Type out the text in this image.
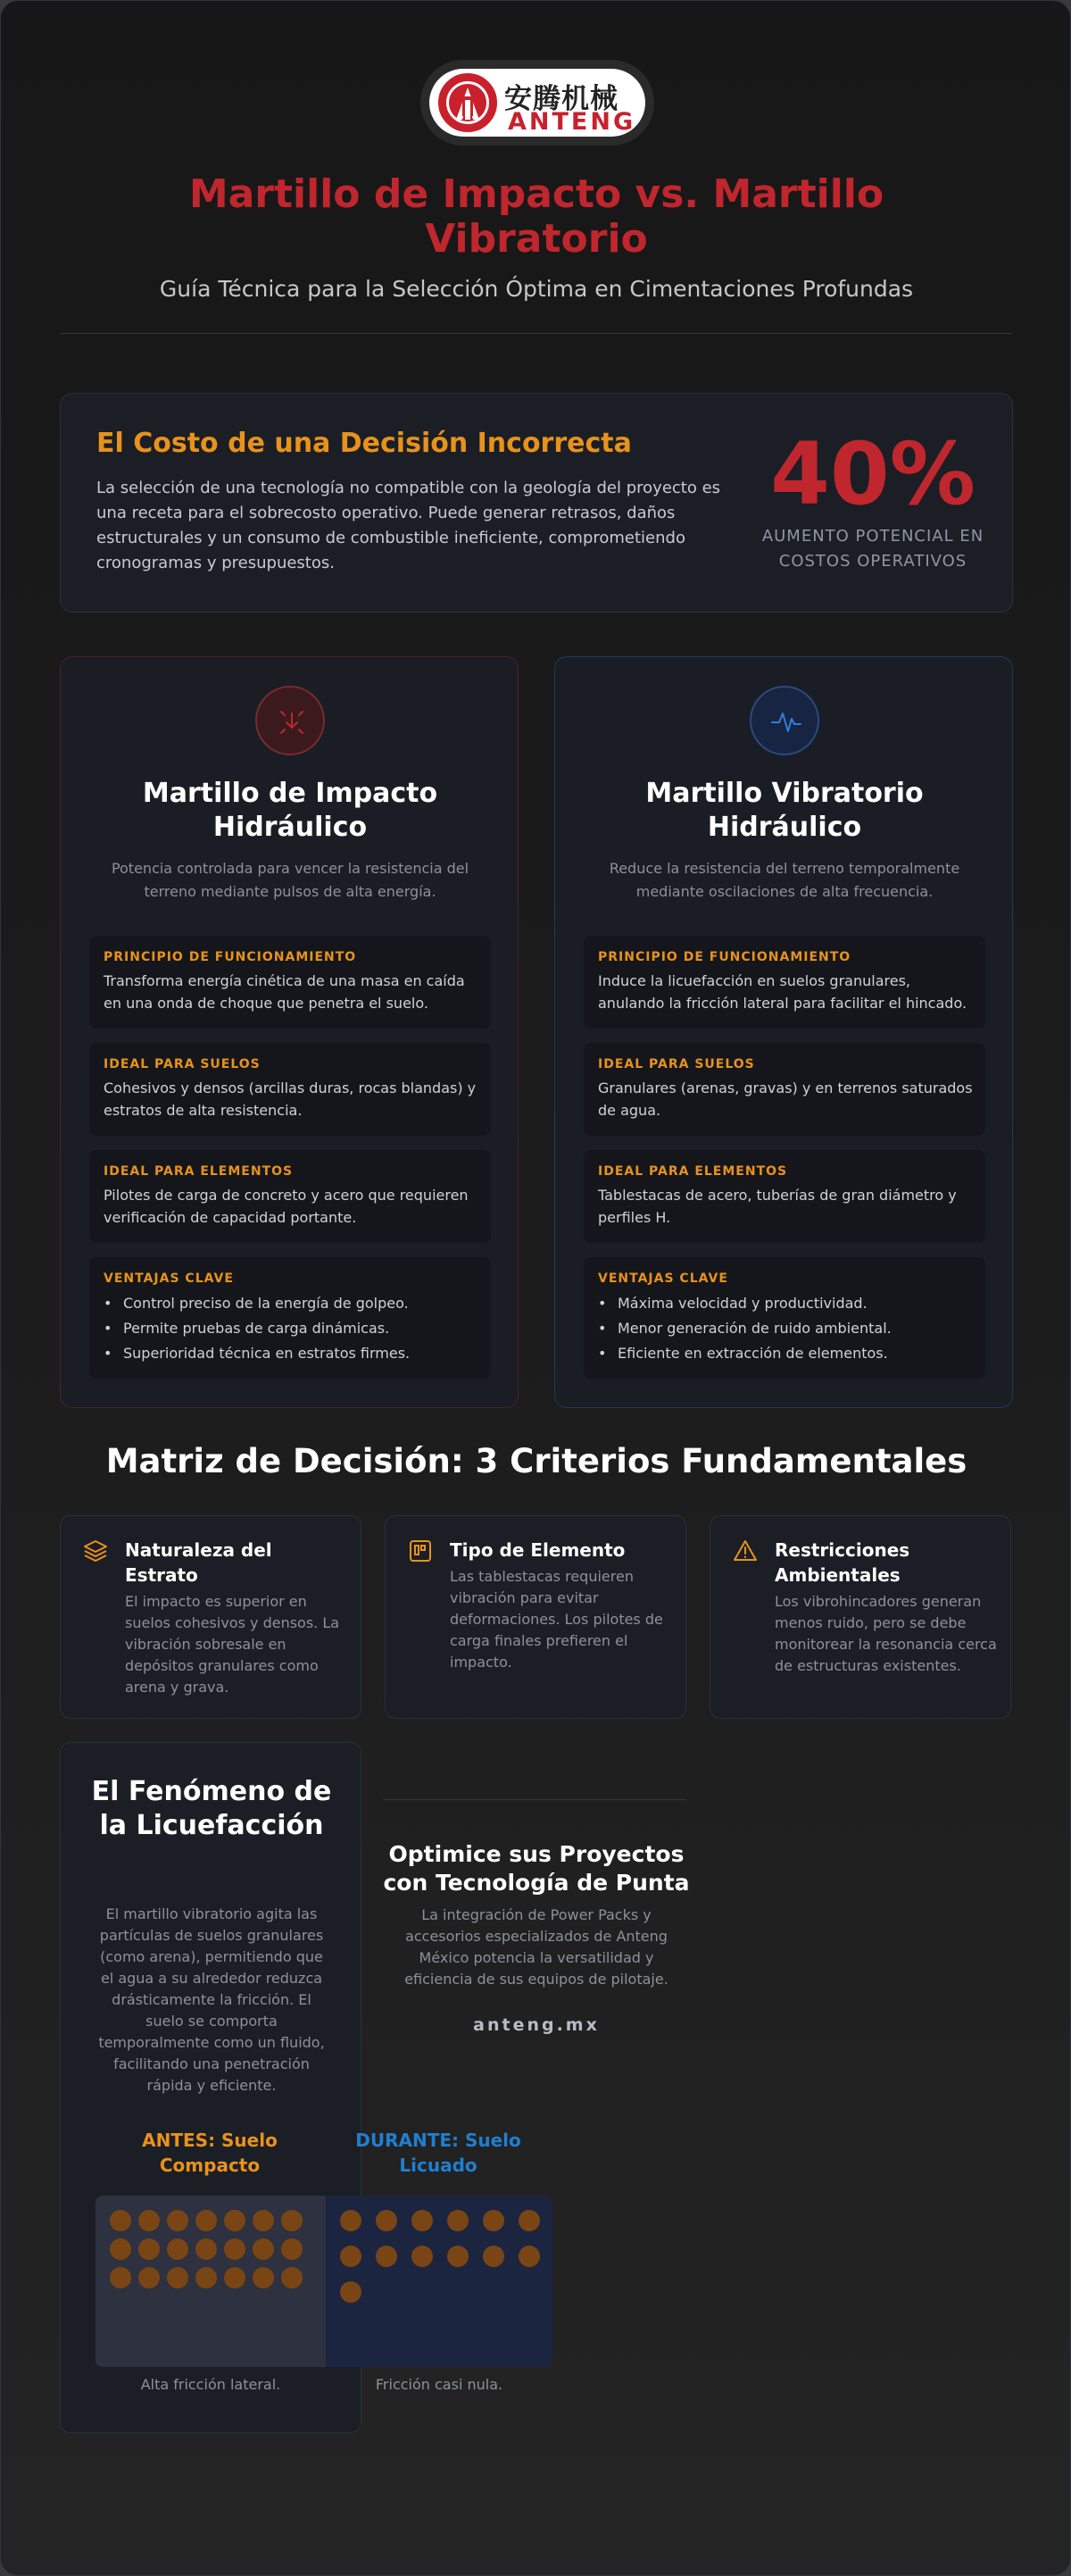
安腾机械
ANTENG
Martillo de Impacto vs. Martillo Vibratorio
Guía Técnica para la Selección Óptima en Cimentaciones Profundas
El Costo de una Decisión Incorrecta
La selección de una tecnología no compatible con la geología del proyecto es una receta para el sobrecosto operativo. Puede generar retrasos, daños estructurales y un consumo de combustible ineficiente, comprometiendo cronogramas y presupuestos.
40%
AUMENTO POTENCIAL EN COSTOS OPERATIVOS
Martillo de Impacto Hidráulico
Potencia controlada para vencer la resistencia del terreno mediante pulsos de alta energía.
PRINCIPIO DE FUNCIONAMIENTO
Transforma energía cinética de una masa en caída en una onda de choque que penetra el suelo.
IDEAL PARA SUELOS
Cohesivos y densos (arcillas duras, rocas blandas) y estratos de alta resistencia.
IDEAL PARA ELEMENTOS
Pilotes de carga de concreto y acero que requieren verificación de capacidad portante.
VENTAJAS CLAVE
• Control preciso de la energía de golpeo.
• Permite pruebas de carga dinámicas.
• Superioridad técnica en estratos firmes.
Martillo Vibratorio Hidráulico
Reduce la resistencia del terreno temporalmente mediante oscilaciones de alta frecuencia.
PRINCIPIO DE FUNCIONAMIENTO
Induce la licuefacción en suelos granulares, anulando la fricción lateral para facilitar el hincado.
IDEAL PARA SUELOS
Granulares (arenas, gravas) y en terrenos saturados de agua.
IDEAL PARA ELEMENTOS
Tablestacas de acero, tuberías de gran diámetro y perfiles H.
VENTAJAS CLAVE
• Máxima velocidad y productividad.
• Menor generación de ruido ambiental.
• Eficiente en extracción de elementos.
Matriz de Decisión: 3 Criterios Fundamentales
Naturaleza del Estrato
El impacto es superior en suelos cohesivos y densos. La vibración sobresale en depósitos granulares como arena y grava.
Tipo de Elemento
Las tablestacas requieren vibración para evitar deformaciones. Los pilotes de carga finales prefieren el impacto.
Restricciones Ambientales
Los vibrohincadores generan menos ruido, pero se debe monitorear la resonancia cerca de estructuras existentes.
El Fenómeno de la Licuefacción
El martillo vibratorio agita las partículas de suelos granulares (como arena), permitiendo que el agua a su alrededor reduzca drásticamente la fricción. El suelo se comporta temporalmente como un fluido, facilitando una penetración rápida y eficiente.
ANTES: Suelo Compacto
DURANTE: Suelo Licuado
Alta fricción lateral.	Fricción casi nula.
Optimice sus Proyectos con Tecnología de Punta
La integración de Power Packs y accesorios especializados de Anteng México potencia la versatilidad y eficiencia de sus equipos de pilotaje.
anteng.mx
